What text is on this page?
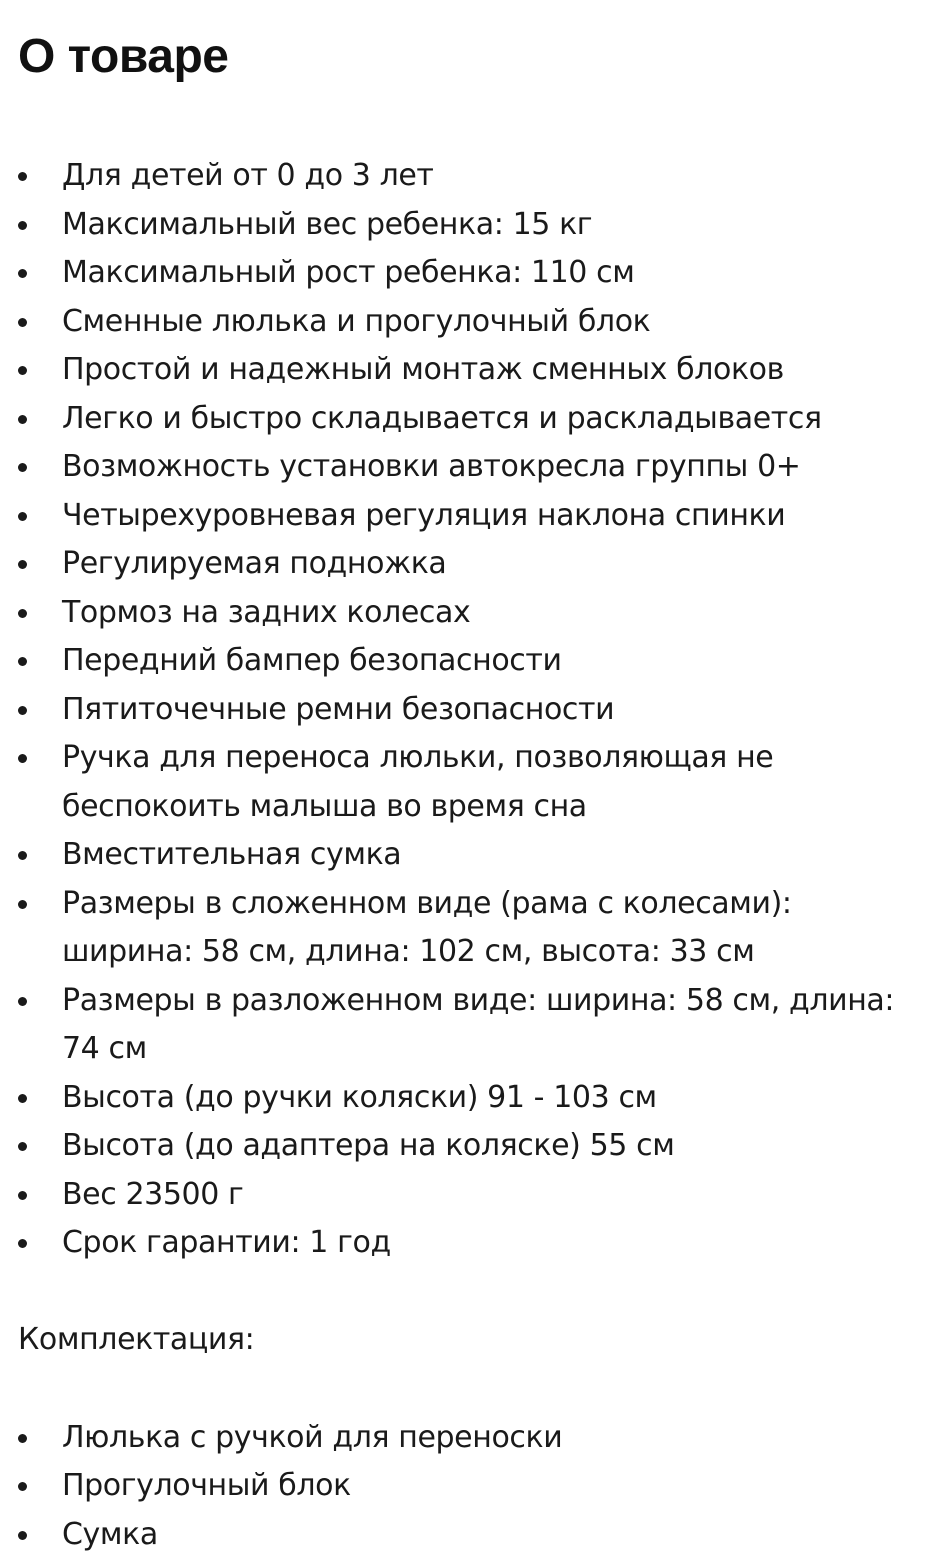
О товаре
Для детей от 0 до 3 лет
Максимальный вес ребенка: 15 кг
Максимальный рост ребенка: 110 см
Сменные люлька и прогулочный блок
Простой и надежный монтаж сменных блоков
Легко и быстро складывается и раскладывается
Возможность установки автокресла группы 0+
Четырехуровневая регуляция наклона спинки
Регулируемая подножка
Тормоз на задних колесах
Передний бампер безопасности
Пятиточечные ремни безопасности
Ручка для переноса люльки, позволяющая не беспокоить малыша во время сна
Вместительная сумка
Размеры в сложенном виде (рама с колесами): ширина: 58 см, длина: 102 см, высота: 33 см
Размеры в разложенном виде: ширина: 58 см, длина: 74 см
Высота (до ручки коляски) 91 - 103 см
Высота (до адаптера на коляске) 55 см
Вес 23500 г
Срок гарантии: 1 год

Комплектация:

Люлька с ручкой для переноски
Прогулочный блок
Сумка
